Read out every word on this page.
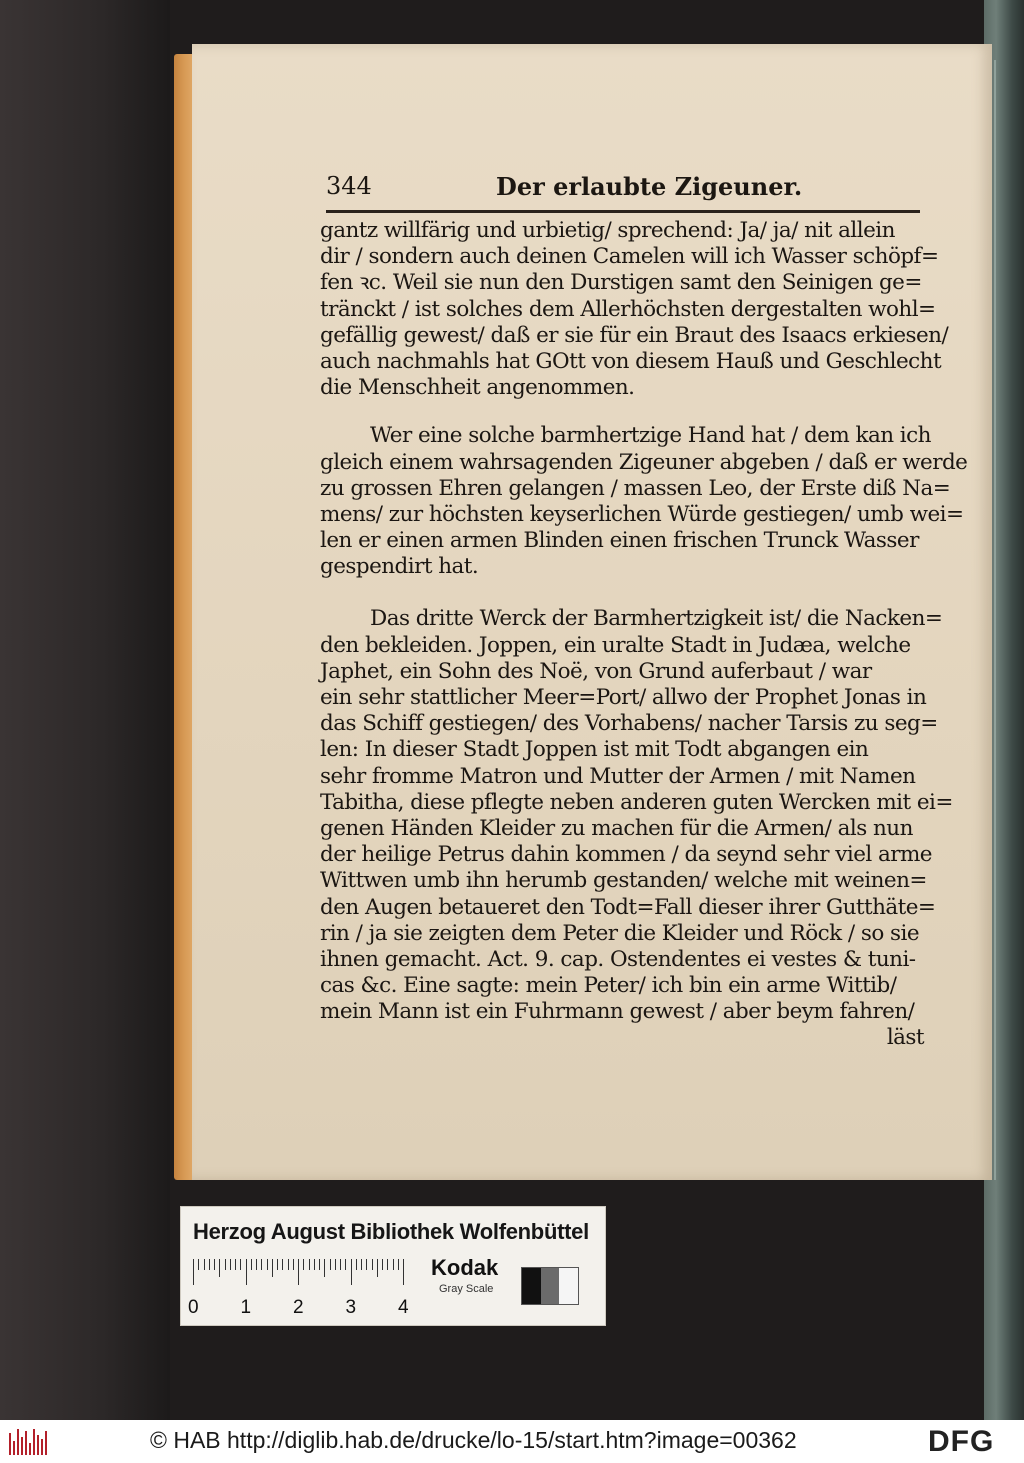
344	Der erlaubte Zigeuner.
gantz willfärig und urbietig/ sprechend: Ja/ ja/ nit allein
dir / sondern auch deinen Camelen will ich Wasser schöpf=
fen ꝛc. Weil sie nun den Durstigen samt den Seinigen ge=
tränckt / ist solches dem Allerhöchsten dergestalten wohl=
gefällig gewest/ daß er sie für ein Braut des Isaacs erkiesen/
auch nachmahls hat GOtt von diesem Hauß und Geschlecht
die Menschheit angenommen.
Wer eine solche barmhertzige Hand hat / dem kan ich
gleich einem wahrsagenden Zigeuner abgeben / daß er werde
zu grossen Ehren gelangen / massen Leo, der Erste diß Na=
mens/ zur höchsten keyserlichen Würde gestiegen/ umb wei=
len er einen armen Blinden einen frischen Trunck Wasser
gespendirt hat.
Das dritte Werck der Barmhertzigkeit ist/ die Nacken=
den bekleiden. Joppen, ein uralte Stadt in Judæa, welche
Japhet, ein Sohn des Noë, von Grund auferbaut / war
ein sehr stattlicher Meer=Port/ allwo der Prophet Jonas in
das Schiff gestiegen/ des Vorhabens/ nacher Tarsis zu seg=
len: In dieser Stadt Joppen ist mit Todt abgangen ein
sehr fromme Matron und Mutter der Armen / mit Namen
Tabitha, diese pflegte neben anderen guten Wercken mit ei=
genen Händen Kleider zu machen für die Armen/ als nun
der heilige Petrus dahin kommen / da seynd sehr viel arme
Wittwen umb ihn herumb gestanden/ welche mit weinen=
den Augen betaueret den Todt=Fall dieser ihrer Gutthäte=
rin / ja sie zeigten dem Peter die Kleider und Röck / so sie
ihnen gemacht. Act. 9. cap. Ostendentes ei vestes & tuni-
cas &c. Eine sagte: mein Peter/ ich bin ein arme Wittib/
mein Mann ist ein Fuhrmann gewest / aber beym fahren/
läst
Herzog August Bibliothek Wolfenbüttel
0 1 2 3 4
Kodak
Gray Scale
© HAB http://diglib.hab.de/drucke/lo-15/start.htm?image=00362	DFG
